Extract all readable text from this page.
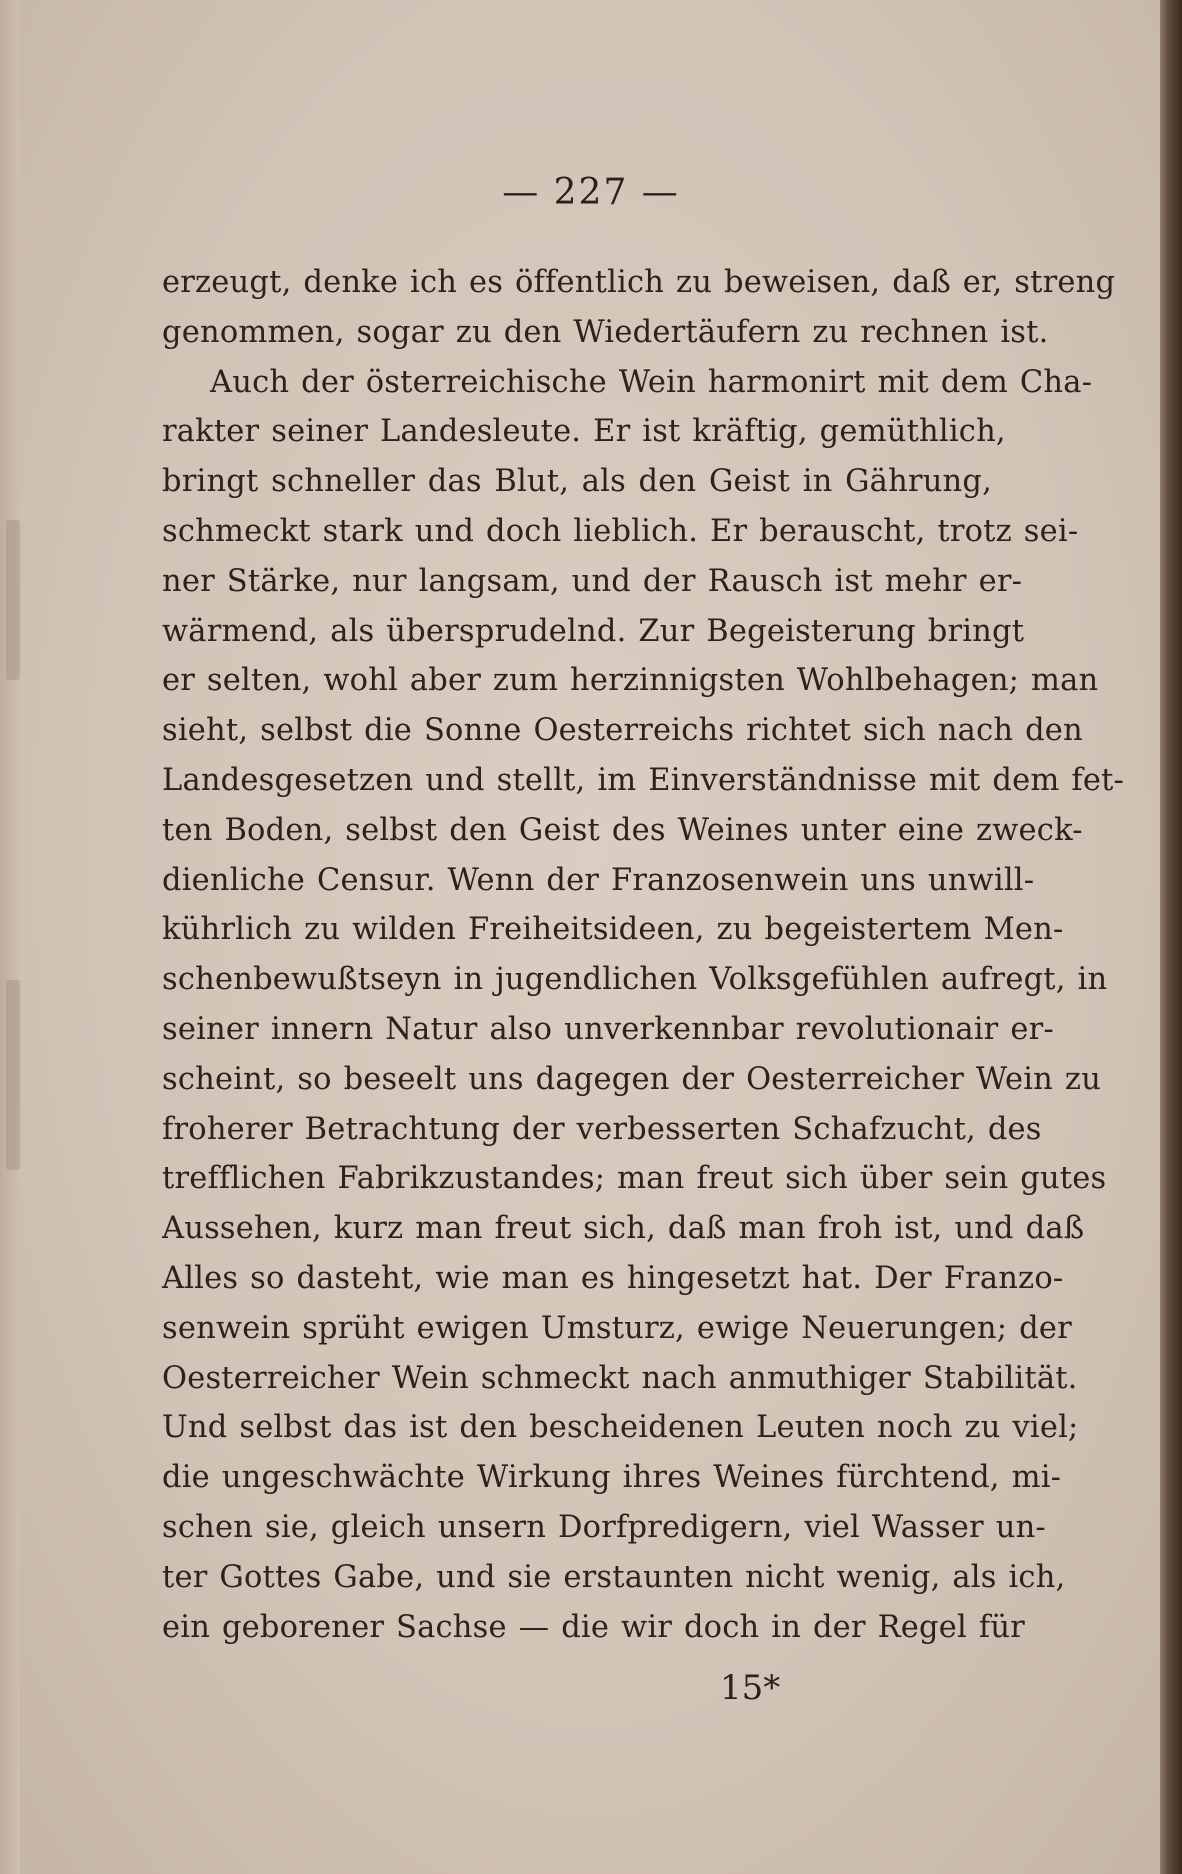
— 227 —
erzeugt, denke ich es öffentlich zu beweisen, daß er, streng
genommen, sogar zu den Wiedertäufern zu rechnen ist.
Auch der österreichische Wein harmonirt mit dem Cha-
rakter seiner Landesleute. Er ist kräftig, gemüthlich,
bringt schneller das Blut, als den Geist in Gährung,
schmeckt stark und doch lieblich. Er berauscht, trotz sei-
ner Stärke, nur langsam, und der Rausch ist mehr er-
wärmend, als übersprudelnd. Zur Begeisterung bringt
er selten, wohl aber zum herzinnigsten Wohlbehagen; man
sieht, selbst die Sonne Oesterreichs richtet sich nach den
Landesgesetzen und stellt, im Einverständnisse mit dem fet-
ten Boden, selbst den Geist des Weines unter eine zweck-
dienliche Censur. Wenn der Franzosenwein uns unwill-
kührlich zu wilden Freiheitsideen, zu begeistertem Men-
schenbewußtseyn in jugendlichen Volksgefühlen aufregt, in
seiner innern Natur also unverkennbar revolutionair er-
scheint, so beseelt uns dagegen der Oesterreicher Wein zu
froherer Betrachtung der verbesserten Schafzucht, des
trefflichen Fabrikzustandes; man freut sich über sein gutes
Aussehen, kurz man freut sich, daß man froh ist, und daß
Alles so dasteht, wie man es hingesetzt hat. Der Franzo-
senwein sprüht ewigen Umsturz, ewige Neuerungen; der
Oesterreicher Wein schmeckt nach anmuthiger Stabilität.
Und selbst das ist den bescheidenen Leuten noch zu viel;
die ungeschwächte Wirkung ihres Weines fürchtend, mi-
schen sie, gleich unsern Dorfpredigern, viel Wasser un-
ter Gottes Gabe, und sie erstaunten nicht wenig, als ich,
ein geborener Sachse — die wir doch in der Regel für
15*
